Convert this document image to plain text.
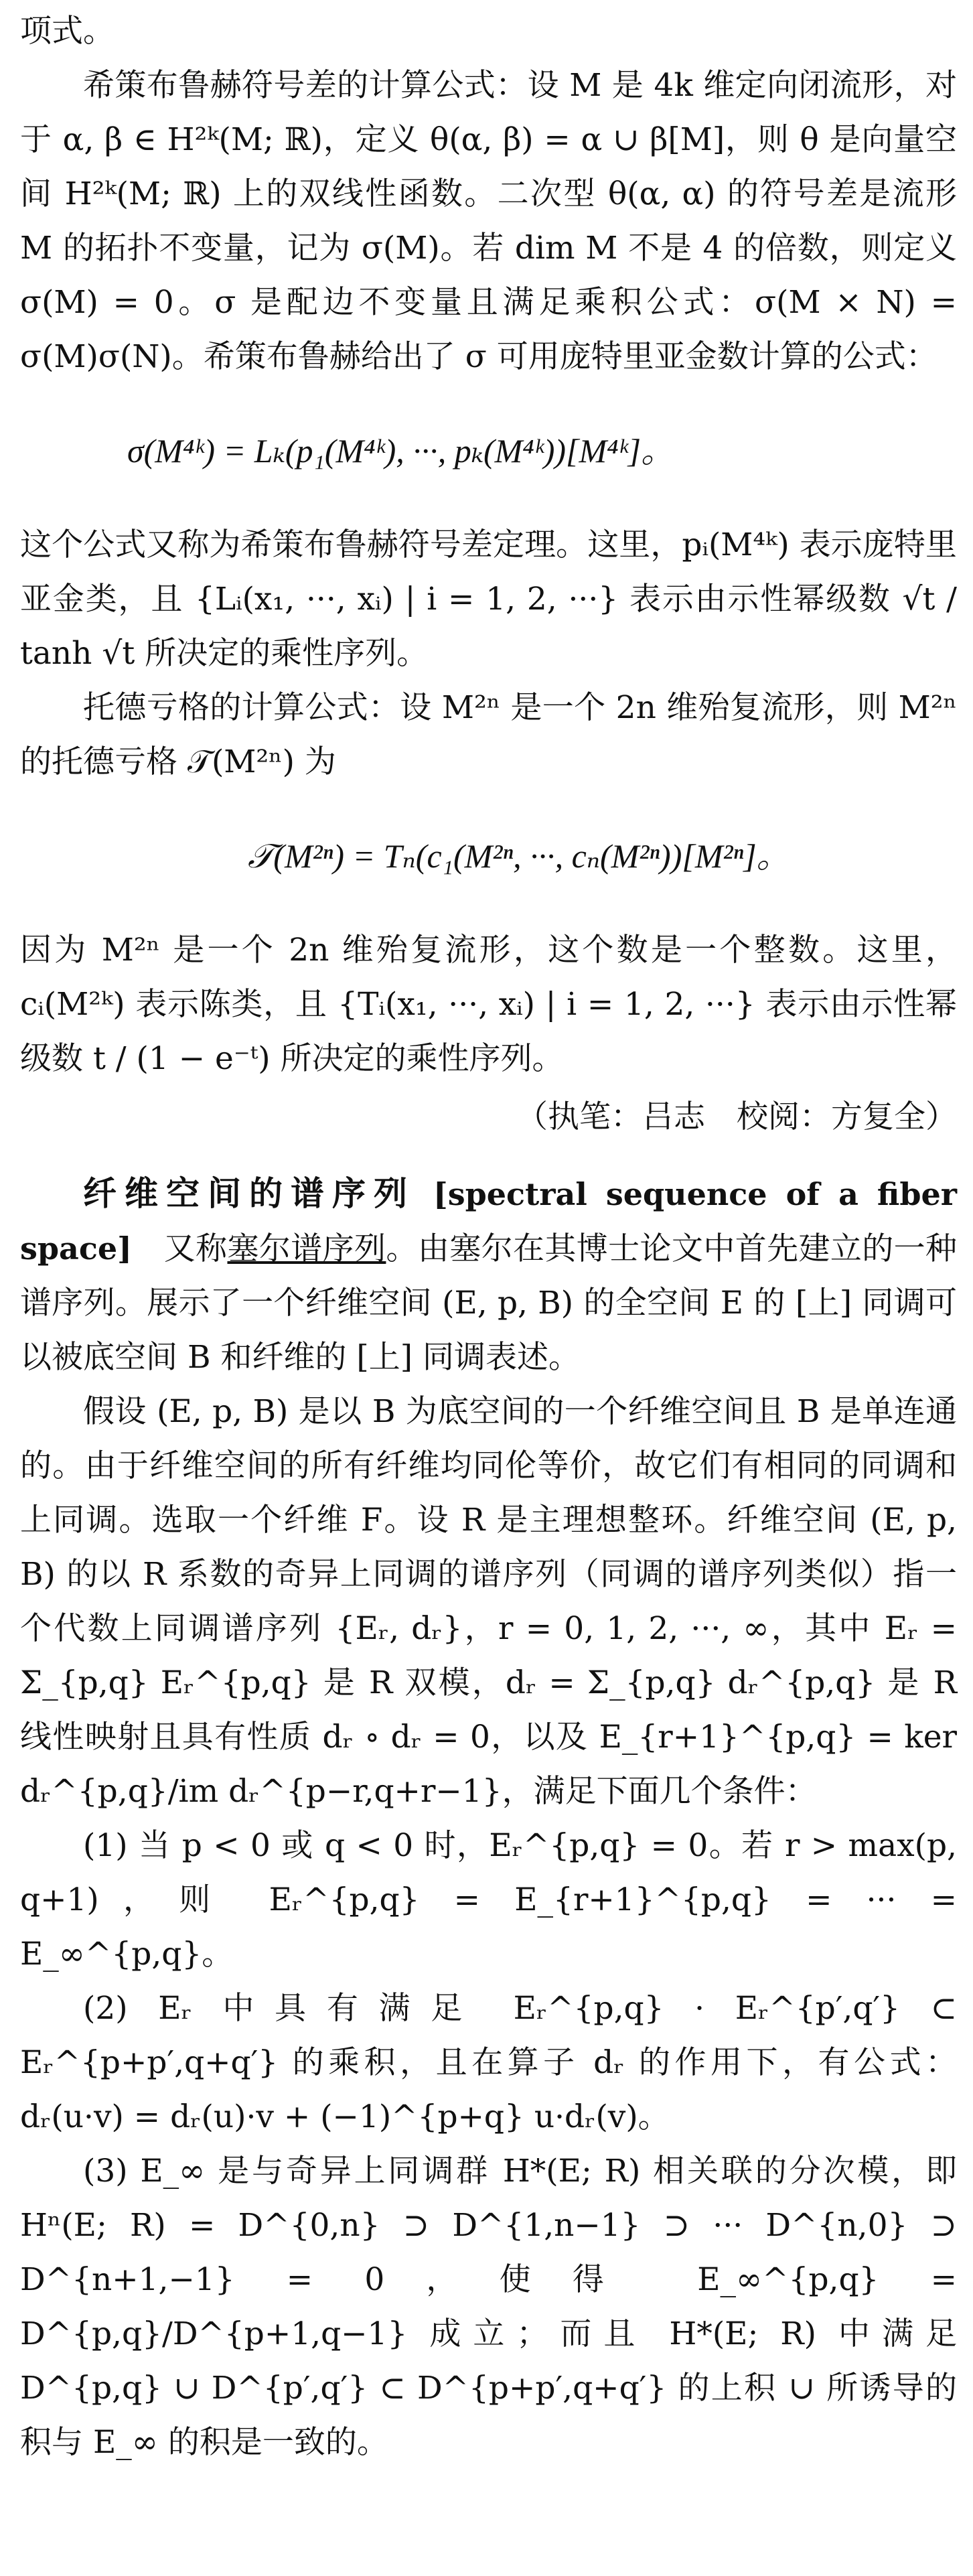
项式。

希策布鲁赫符号差的计算公式：设 M 是 4k 维定向闭流形，对于 α, β ∈ H²ᵏ(M; ℝ)，定义 θ(α, β) = α ∪ β[M]，则 θ 是向量空间 H²ᵏ(M; ℝ) 上的双线性函数。二次型 θ(α, α) 的符号差是流形 M 的拓扑不变量，记为 σ(M)。若 dim M 不是 4 的倍数，则定义 σ(M) = 0。σ 是配边不变量且满足乘积公式：σ(M × N) = σ(M)σ(N)。希策布鲁赫给出了 σ 可用庞特里亚金数计算的公式：

σ(M⁴ᵏ) = Lₖ(p₁(M⁴ᵏ), ···, pₖ(M⁴ᵏ))[M⁴ᵏ]。

这个公式又称为希策布鲁赫符号差定理。这里，pᵢ(M⁴ᵏ) 表示庞特里亚金类，且 {Lᵢ(x₁, ···, xᵢ) | i = 1, 2, ···} 表示由示性幂级数 √t / tanh √t 所决定的乘性序列。

托德亏格的计算公式：设 M²ⁿ 是一个 2n 维殆复流形，则 M²ⁿ 的托德亏格 𝒯(M²ⁿ) 为

𝒯(M²ⁿ) = Tₙ(c₁(M²ⁿ, ···, cₙ(M²ⁿ))[M²ⁿ]。

因为 M²ⁿ 是一个 2n 维殆复流形，这个数是一个整数。这里，cᵢ(M²ᵏ) 表示陈类，且 {Tᵢ(x₁, ···, xᵢ) | i = 1, 2, ···} 表示由示性幂级数 t / (1 − e⁻ᵗ) 所决定的乘性序列。

（执笔：吕志　校阅：方复全）

纤维空间的谱序列 [spectral sequence of a fiber space]　 又称塞尔谱序列。由塞尔在其博士论文中首先建立的一种谱序列。展示了一个纤维空间 (E, p, B) 的全空间 E 的 [上] 同调可以被底空间 B 和纤维的 [上] 同调表述。

假设 (E, p, B) 是以 B 为底空间的一个纤维空间且 B 是单连通的。由于纤维空间的所有纤维均同伦等价，故它们有相同的同调和上同调。选取一个纤维 F。设 R 是主理想整环。纤维空间 (E, p, B) 的以 R 系数的奇异上同调的谱序列（同调的谱序列类似）指一个代数上同调谱序列 {Eᵣ, dᵣ}，r = 0, 1, 2, ···, ∞，其中 Eᵣ = Σ_{p,q} Eᵣ^{p,q} 是 R 双模，dᵣ = Σ_{p,q} dᵣ^{p,q} 是 R 线性映射且具有性质 dᵣ ∘ dᵣ = 0，以及 E_{r+1}^{p,q} = ker dᵣ^{p,q}/im dᵣ^{p−r,q+r−1}，满足下面几个条件：

(1) 当 p < 0 或 q < 0 时，Eᵣ^{p,q} = 0。若 r > max(p, q+1)，则 Eᵣ^{p,q} = E_{r+1}^{p,q} = ··· = E_∞^{p,q}。

(2) Eᵣ 中具有满足 Eᵣ^{p,q} · Eᵣ^{p′,q′} ⊂ Eᵣ^{p+p′,q+q′} 的乘积，且在算子 dᵣ 的作用下，有公式：dᵣ(u·v) = dᵣ(u)·v + (−1)^{p+q} u·dᵣ(v)。

(3) E_∞ 是与奇异上同调群 H*(E; R) 相关联的分次模，即 Hⁿ(E; R) = D^{0,n} ⊃ D^{1,n−1} ⊃ ··· D^{n,0} ⊃ D^{n+1,−1} = 0，使得 E_∞^{p,q} = D^{p,q}/D^{p+1,q−1} 成立；而且 H*(E; R) 中满足 D^{p,q} ∪ D^{p′,q′} ⊂ D^{p+p′,q+q′} 的上积 ∪ 所诱导的积与 E_∞ 的积是一致的。
